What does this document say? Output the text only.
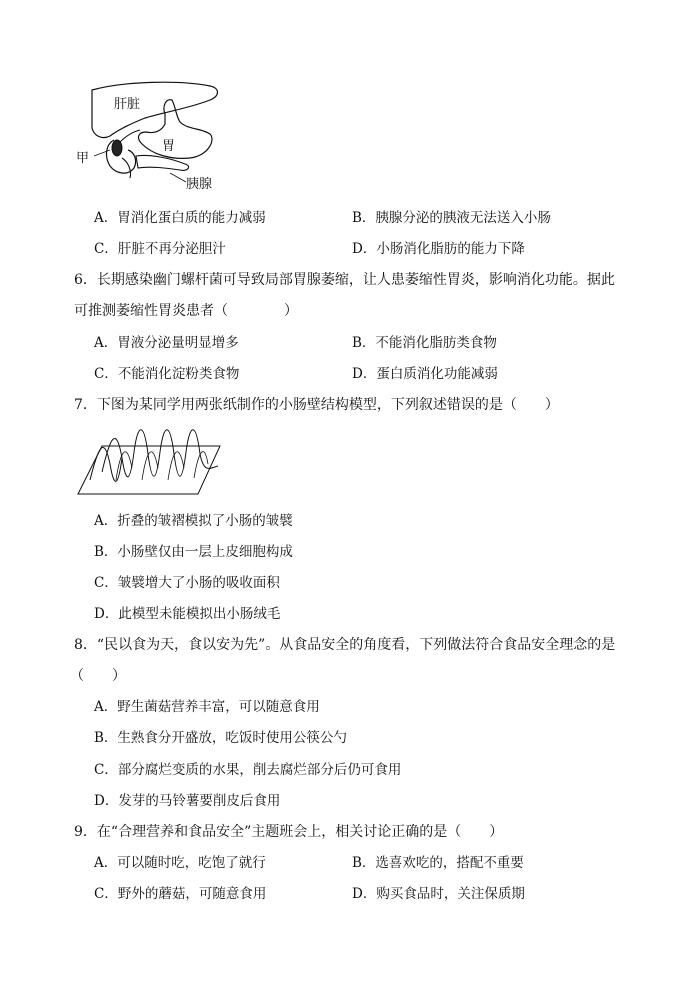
肝脏
胃
甲
胰腺
A．胃消化蛋白质的能力减弱	B．胰腺分泌的胰液无法送入小肠
C．肝脏不再分泌胆汁	D．小肠消化脂肪的能力下降
6．长期感染幽门螺杆菌可导致局部胃腺萎缩，让人患萎缩性胃炎，影响消化功能。据此
可推测萎缩性胃炎患者（　　　　）
A．胃液分泌量明显增多	B．不能消化脂肪类食物
C．不能消化淀粉类食物	D．蛋白质消化功能减弱
7．下图为某同学用两张纸制作的小肠壁结构模型，下列叙述错误的是（　　）
A．折叠的皱褶模拟了小肠的皱襞
B．小肠壁仅由一层上皮细胞构成
C．皱襞增大了小肠的吸收面积
D．此模型未能模拟出小肠绒毛
8．“民以食为天，食以安为先”。从食品安全的角度看，下列做法符合食品安全理念的是
（　　）
A．野生菌菇营养丰富，可以随意食用
B．生熟食分开盛放，吃饭时使用公筷公勺
C．部分腐烂变质的水果，削去腐烂部分后仍可食用
D．发芽的马铃薯要削皮后食用
9．在“合理营养和食品安全”主题班会上，相关讨论正确的是（　　）
A．可以随时吃，吃饱了就行	B．选喜欢吃的，搭配不重要
C．野外的蘑菇，可随意食用	D．购买食品时，关注保质期
